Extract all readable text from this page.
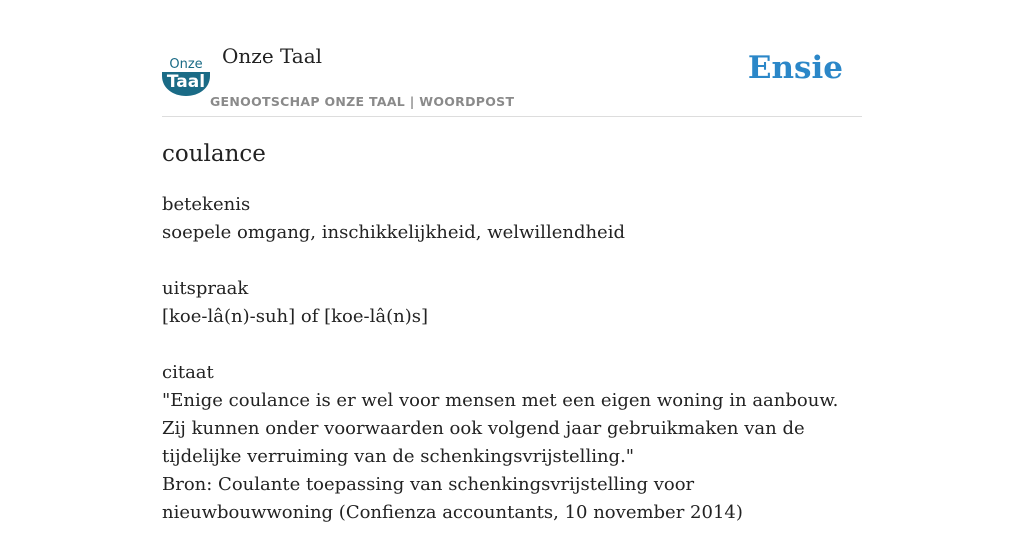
Onze
Taal
Onze Taal
GENOOTSCHAP ONZE TAAL | WOORDPOST
Ensie
coulance

betekenis

soepele omgang, inschikkelijkheid, welwillendheid

uitspraak

[koe-lâ(n)-suh] of [koe-lâ(n)s]

citaat

"Enige coulance is er wel voor mensen met een eigen woning in aanbouw. Zij kunnen onder voorwaarden ook volgend jaar gebruikmaken van de tijdelijke verruiming van de schenkingsvrijstelling."

Bron: Coulante toepassing van schenkingsvrijstelling voor nieuwbouwwoning (Confienza accountants, 10 november 2014)
